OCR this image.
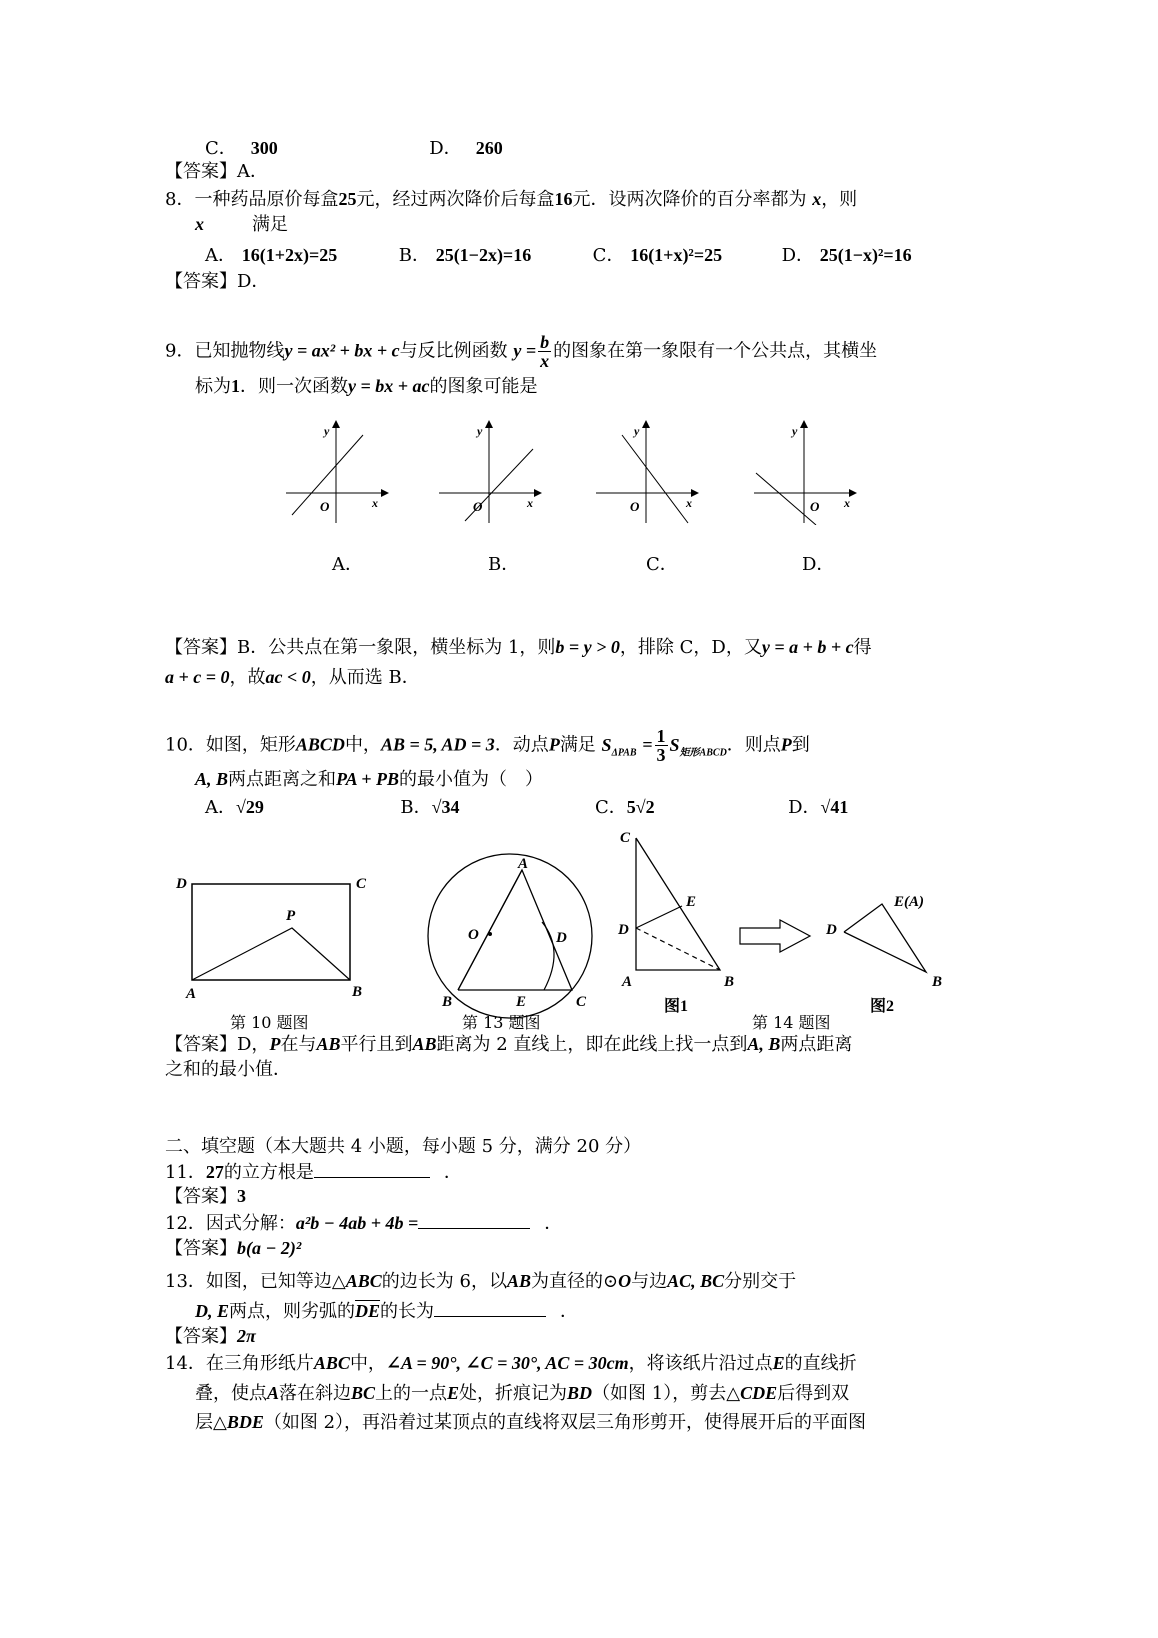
C． 300	D． 260
【答案】A．
8．一种药品原价每盒25元，经过两次降价后每盒16元．设两次降价的百分率都为 x，则
x	满足
A． 16(1+2x)=25	B． 25(1−2x)=16	C． 16(1+x)²=25	D． 25(1−x)²=16
【答案】D．
9．已知抛物线y = ax² + bx + c与反比例函数 $y = \frac{b}{x}$ 的图象在第一象限有一个公共点，其横坐
标为1．则一次函数y = bx + ac的图象可能是
y
x
O
y
x
O
y
x
O
y
x
O
A．	B．	C．	D．
【答案】B．公共点在第一象限，横坐标为 1，则b = y > 0，排除 C，D，又y = a + b + c得
a + c = 0，故ac < 0，从而选 B．
10．如图，矩形ABCD中，AB = 5, AD = 3．动点P满足 $S_{\Delta PAB} = \frac{1}{3} S_{矩形ABCD}$．则点P到
A, B两点距离之和PA + PB的最小值为（　）
A．√29	B．√34	C．5√2	D．√41
D	C
P
A	B
A
O	D
B	E	C
C
E
D
A	B
E(A)
D
B
第 10 题图	第 13 题图
图1
第 14 题图
图2
【答案】D，P在与AB平行且到AB距离为 2 直线上，即在此线上找一点到A, B两点距离
之和的最小值．
二、填空题（本大题共 4 小题，每小题 5 分，满分 20 分）
11．27的立方根是	．
【答案】3
12．因式分解：a²b − 4ab + 4b =	．
【答案】b(a − 2)²
13．如图，已知等边△ABC的边长为 6，以AB为直径的⊙O与边AC, BC分别交于
D, E两点，则劣弧的$\overline{DE}$的长为	．
【答案】2π
14．在三角形纸片ABC中，∠A = 90°, ∠C = 30°, AC = 30cm，将该纸片沿过点E的直线折
叠，使点A落在斜边BC上的一点E处，折痕记为BD（如图 1），剪去△CDE后得到双
层△BDE（如图 2），再沿着过某顶点的直线将双层三角形剪开，使得展开后的平面图
